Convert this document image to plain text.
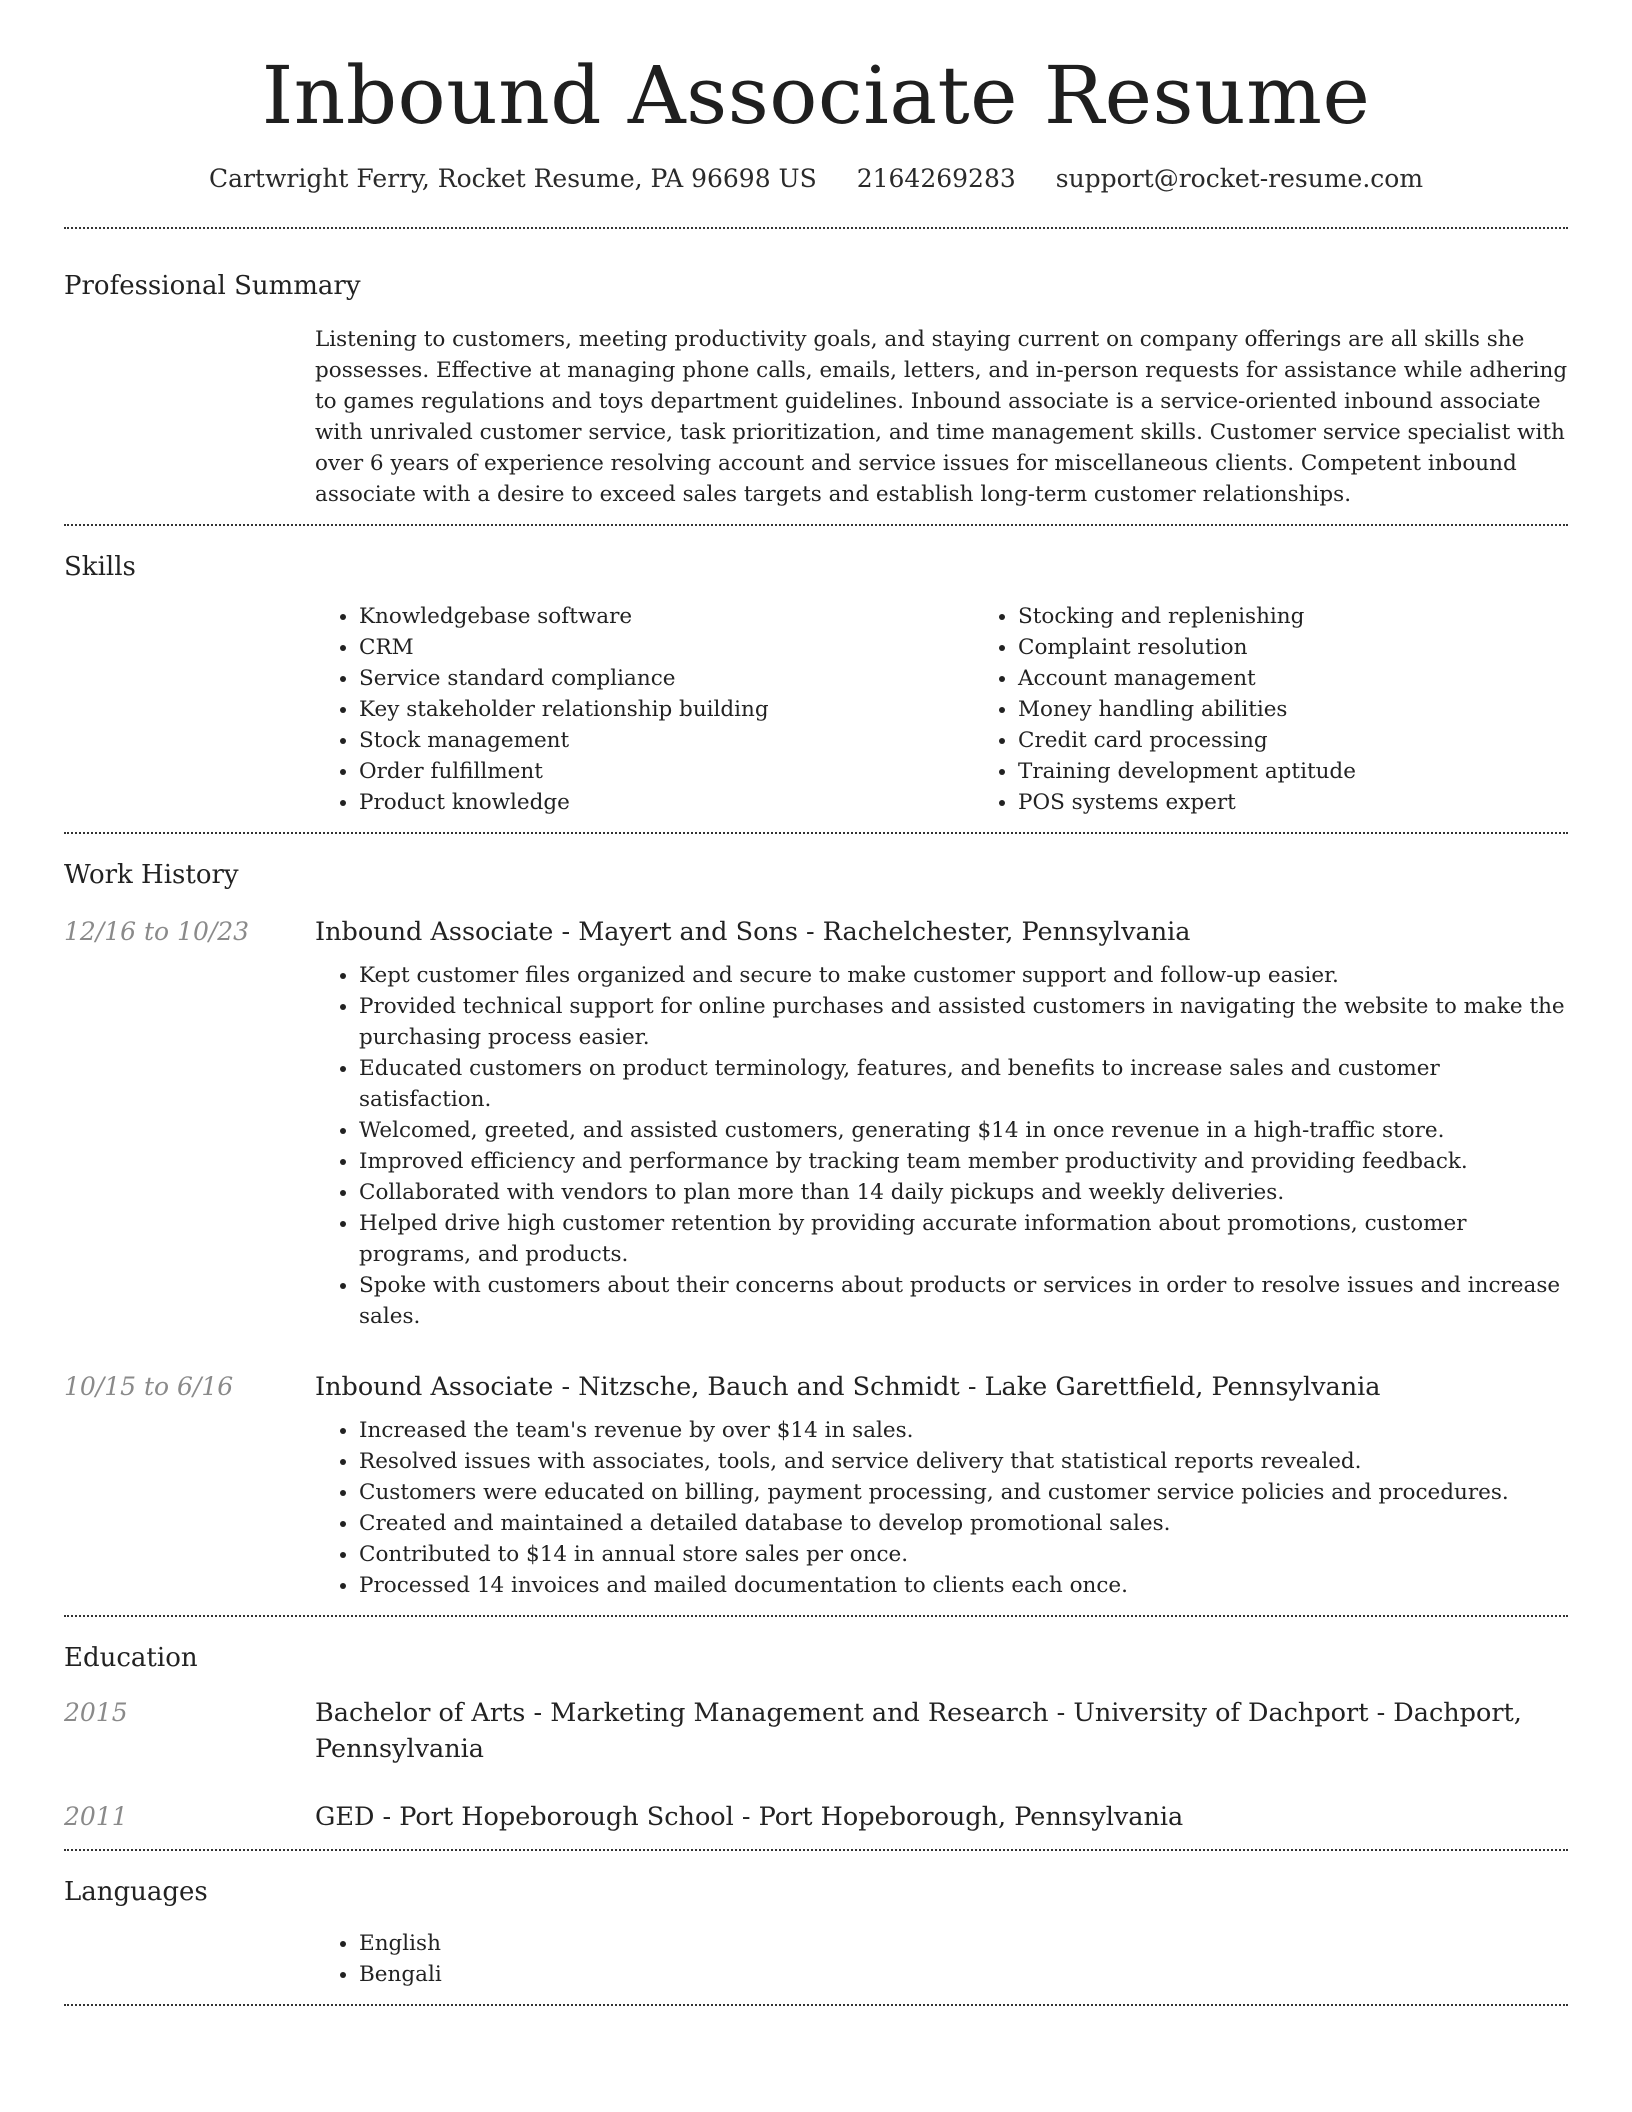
Inbound Associate Resume
Cartwright Ferry, Rocket Resume, PA 96698 US 2164269283 support@rocket-resume.com
Professional Summary

Listening to customers, meeting productivity goals, and staying current on company offerings are all skills she possesses. Effective at managing phone calls, emails, letters, and in-person requests for assistance while adhering to games regulations and toys department guidelines. Inbound associate is a service-oriented inbound associate with unrivaled customer service, task prioritization, and time management skills. Customer service specialist with over 6 years of experience resolving account and service issues for miscellaneous clients. Competent inbound associate with a desire to exceed sales targets and establish long-term customer relationships.

Skills
• Knowledgebase software
• CRM
• Service standard compliance
• Key stakeholder relationship building
• Stock management
• Order fulfillment
• Product knowledge
• Stocking and replenishing
• Complaint resolution
• Account management
• Money handling abilities
• Credit card processing
• Training development aptitude
• POS systems expert
Work History
12/16 to 10/23	Inbound Associate - Mayert and Sons - Rachelchester, Pennsylvania
• Kept customer files organized and secure to make customer support and follow-up easier.
• Provided technical support for online purchases and assisted customers in navigating the website to make the purchasing process easier.
• Educated customers on product terminology, features, and benefits to increase sales and customer satisfaction.
• Welcomed, greeted, and assisted customers, generating $14 in once revenue in a high-traffic store.
• Improved efficiency and performance by tracking team member productivity and providing feedback.
• Collaborated with vendors to plan more than 14 daily pickups and weekly deliveries.
• Helped drive high customer retention by providing accurate information about promotions, customer programs, and products.
• Spoke with customers about their concerns about products or services in order to resolve issues and increase sales.
10/15 to 6/16	Inbound Associate - Nitzsche, Bauch and Schmidt - Lake Garettfield, Pennsylvania
• Increased the team's revenue by over $14 in sales.
• Resolved issues with associates, tools, and service delivery that statistical reports revealed.
• Customers were educated on billing, payment processing, and customer service policies and procedures.
• Created and maintained a detailed database to develop promotional sales.
• Contributed to $14 in annual store sales per once.
• Processed 14 invoices and mailed documentation to clients each once.
Education
2015	Bachelor of Arts - Marketing Management and Research - University of Dachport - Dachport, Pennsylvania
2011	GED - Port Hopeborough School - Port Hopeborough, Pennsylvania
Languages
• English
• Bengali
